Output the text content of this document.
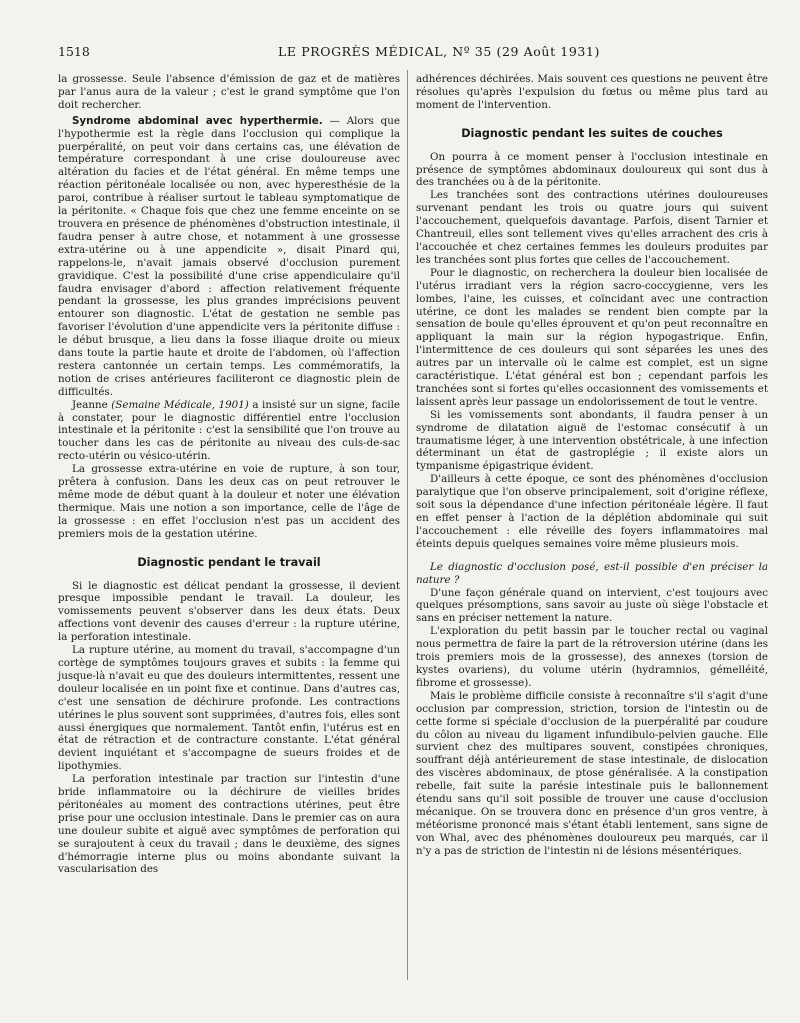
1518	LE PROGRÈS MÉDICAL, Nº 35 (29 Août 1931)

la grossesse. Seule l'absence d'émission de gaz et de matières par l'anus aura de la valeur ; c'est le grand symptôme que l'on doit rechercher.

Syndrome abdominal avec hyperthermie. — Alors que l'hypothermie est la règle dans l'occlusion qui complique la puerpéralité, on peut voir dans certains cas, une élévation de température correspondant à une crise douloureuse avec altération du facies et de l'état général. En même temps une réaction péritonéale localisée ou non, avec hyperesthésie de la paroi, contribue à réaliser surtout le tableau symptomatique de la péritonite. « Chaque fois que chez une femme enceinte on se trouvera en présence de phénomènes d'obstruction intestinale, il faudra penser à autre chose, et notamment à une grossesse extra-utérine ou à une appendicite », disait Pinard qui, rappelons-le, n'avait jamais observé d'occlusion purement gravidique. C'est la possibilité d'une crise appendiculaire qu'il faudra envisager d'abord : affection relativement fréquente pendant la grossesse, les plus grandes imprécisions peuvent entourer son diagnostic. L'état de gestation ne semble pas favoriser l'évolution d'une appendicite vers la péritonite diffuse : le début brusque, a lieu dans la fosse iliaque droite ou mieux dans toute la partie haute et droite de l'abdomen, où l'affection restera cantonnée un certain temps. Les commémoratifs, la notion de crises antérieures faciliteront ce diagnostic plein de difficultés.

Jeanne (Semaine Médicale, 1901) a insisté sur un signe, facile à constater, pour le diagnostic différentiel entre l'occlusion intestinale et la péritonite : c'est la sensibilité que l'on trouve au toucher dans les cas de péritonite au niveau des culs-de-sac recto-utérin ou vésico-utérin.

La grossesse extra-utérine en voie de rupture, à son tour, prêtera à confusion. Dans les deux cas on peut retrouver le même mode de début quant à la douleur et noter une élévation thermique. Mais une notion a son importance, celle de l'âge de la grossesse : en effet l'occlusion n'est pas un accident des premiers mois de la gestation utérine.

Diagnostic pendant le travail

Si le diagnostic est délicat pendant la grossesse, il devient presque impossible pendant le travail. La douleur, les vomissements peuvent s'observer dans les deux états. Deux affections vont devenir des causes d'erreur : la rupture utérine, la perforation intestinale.

La rupture utérine, au moment du travail, s'accompagne d'un cortège de symptômes toujours graves et subits : la femme qui jusque-là n'avait eu que des douleurs intermittentes, ressent une douleur localisée en un point fixe et continue. Dans d'autres cas, c'est une sensation de déchirure profonde. Les contractions utérines le plus souvent sont supprimées, d'autres fois, elles sont aussi énergiques que normalement. Tantôt enfin, l'utérus est en état de rétraction et de contracture constante. L'état général devient inquiétant et s'accompagne de sueurs froides et de lipothymies.

La perforation intestinale par traction sur l'intestin d'une bride inflammatoire ou la déchirure de vieilles brides péritonéales au moment des contractions utérines, peut être prise pour une occlusion intestinale. Dans le premier cas on aura une douleur subite et aiguë avec symptômes de perforation qui se surajoutent à ceux du travail ; dans le deuxième, des signes d'hémorragie interne plus ou moins abondante suivant la vascularisation des

adhérences déchirées. Mais souvent ces questions ne peuvent être résolues qu'après l'expulsion du fœtus ou même plus tard au moment de l'intervention.

Diagnostic pendant les suites de couches

On pourra à ce moment penser à l'occlusion intestinale en présence de symptômes abdominaux douloureux qui sont dus à des tranchées ou à de la péritonite.

Les tranchées sont des contractions utérines douloureuses survenant pendant les trois ou quatre jours qui suivent l'accouchement, quelquefois davantage. Parfois, disent Tarnier et Chantreuil, elles sont tellement vives qu'elles arrachent des cris à l'accouchée et chez certaines femmes les douleurs produites par les tranchées sont plus fortes que celles de l'accouchement.

Pour le diagnostic, on recherchera la douleur bien localisée de l'utérus irradiant vers la région sacro-coccygienne, vers les lombes, l'aine, les cuisses, et coïncidant avec une contraction utérine, ce dont les malades se rendent bien compte par la sensation de boule qu'elles éprouvent et qu'on peut reconnaître en appliquant la main sur la région hypogastrique. Enfin, l'intermittence de ces douleurs qui sont séparées les unes des autres par un intervalle où le calme est complet, est un signe caractéristique. L'état général est bon ; cependant parfois les tranchées sont si fortes qu'elles occasionnent des vomissements et laissent après leur passage un endolorissement de tout le ventre.

Si les vomissements sont abondants, il faudra penser à un syndrome de dilatation aiguë de l'estomac consécutif à un traumatisme léger, à une intervention obstétricale, à une infection déterminant un état de gastroplégie ; il existe alors un tympanisme épigastrique évident.

D'ailleurs à cette époque, ce sont des phénomènes d'occlusion paralytique que l'on observe principalement, soit d'origine réflexe, soit sous la dépendance d'une infection péritonéale légère. Il faut en effet penser à l'action de la déplétion abdominale qui suit l'accouchement : elle réveille des foyers inflammatoires mal éteints depuis quelques semaines voire même plusieurs mois.

Le diagnostic d'occlusion posé, est-il possible d'en préciser la nature ?

D'une façon générale quand on intervient, c'est toujours avec quelques présomptions, sans savoir au juste où siège l'obstacle et sans en préciser nettement la nature.

L'exploration du petit bassin par le toucher rectal ou vaginal nous permettra de faire la part de la rétroversion utérine (dans les trois premiers mois de la grossesse), des annexes (torsion de kystes ovariens), du volume utérin (hydramnios, gémelléité, fibrome et grossesse).

Mais le problème difficile consiste à reconnaître s'il s'agit d'une occlusion par compression, striction, torsion de l'intestin ou de cette forme si spéciale d'occlusion de la puerpéralité par coudure du côlon au niveau du ligament infundibulo-pelvien gauche. Elle survient chez des multipares souvent, constipées chroniques, souffrant déjà antérieurement de stase intestinale, de dislocation des viscères abdominaux, de ptose généralisée. A la constipation rebelle, fait suite la parésie intestinale puis le ballonnement étendu sans qu'il soit possible de trouver une cause d'occlusion mécanique. On se trouvera donc en présence d'un gros ventre, à météorisme prononcé mais s'étant établi lentement, sans signe de von Whal, avec des phénomènes douloureux peu marqués, car il n'y a pas de striction de l'intestin ni de lésions mésentériques.
